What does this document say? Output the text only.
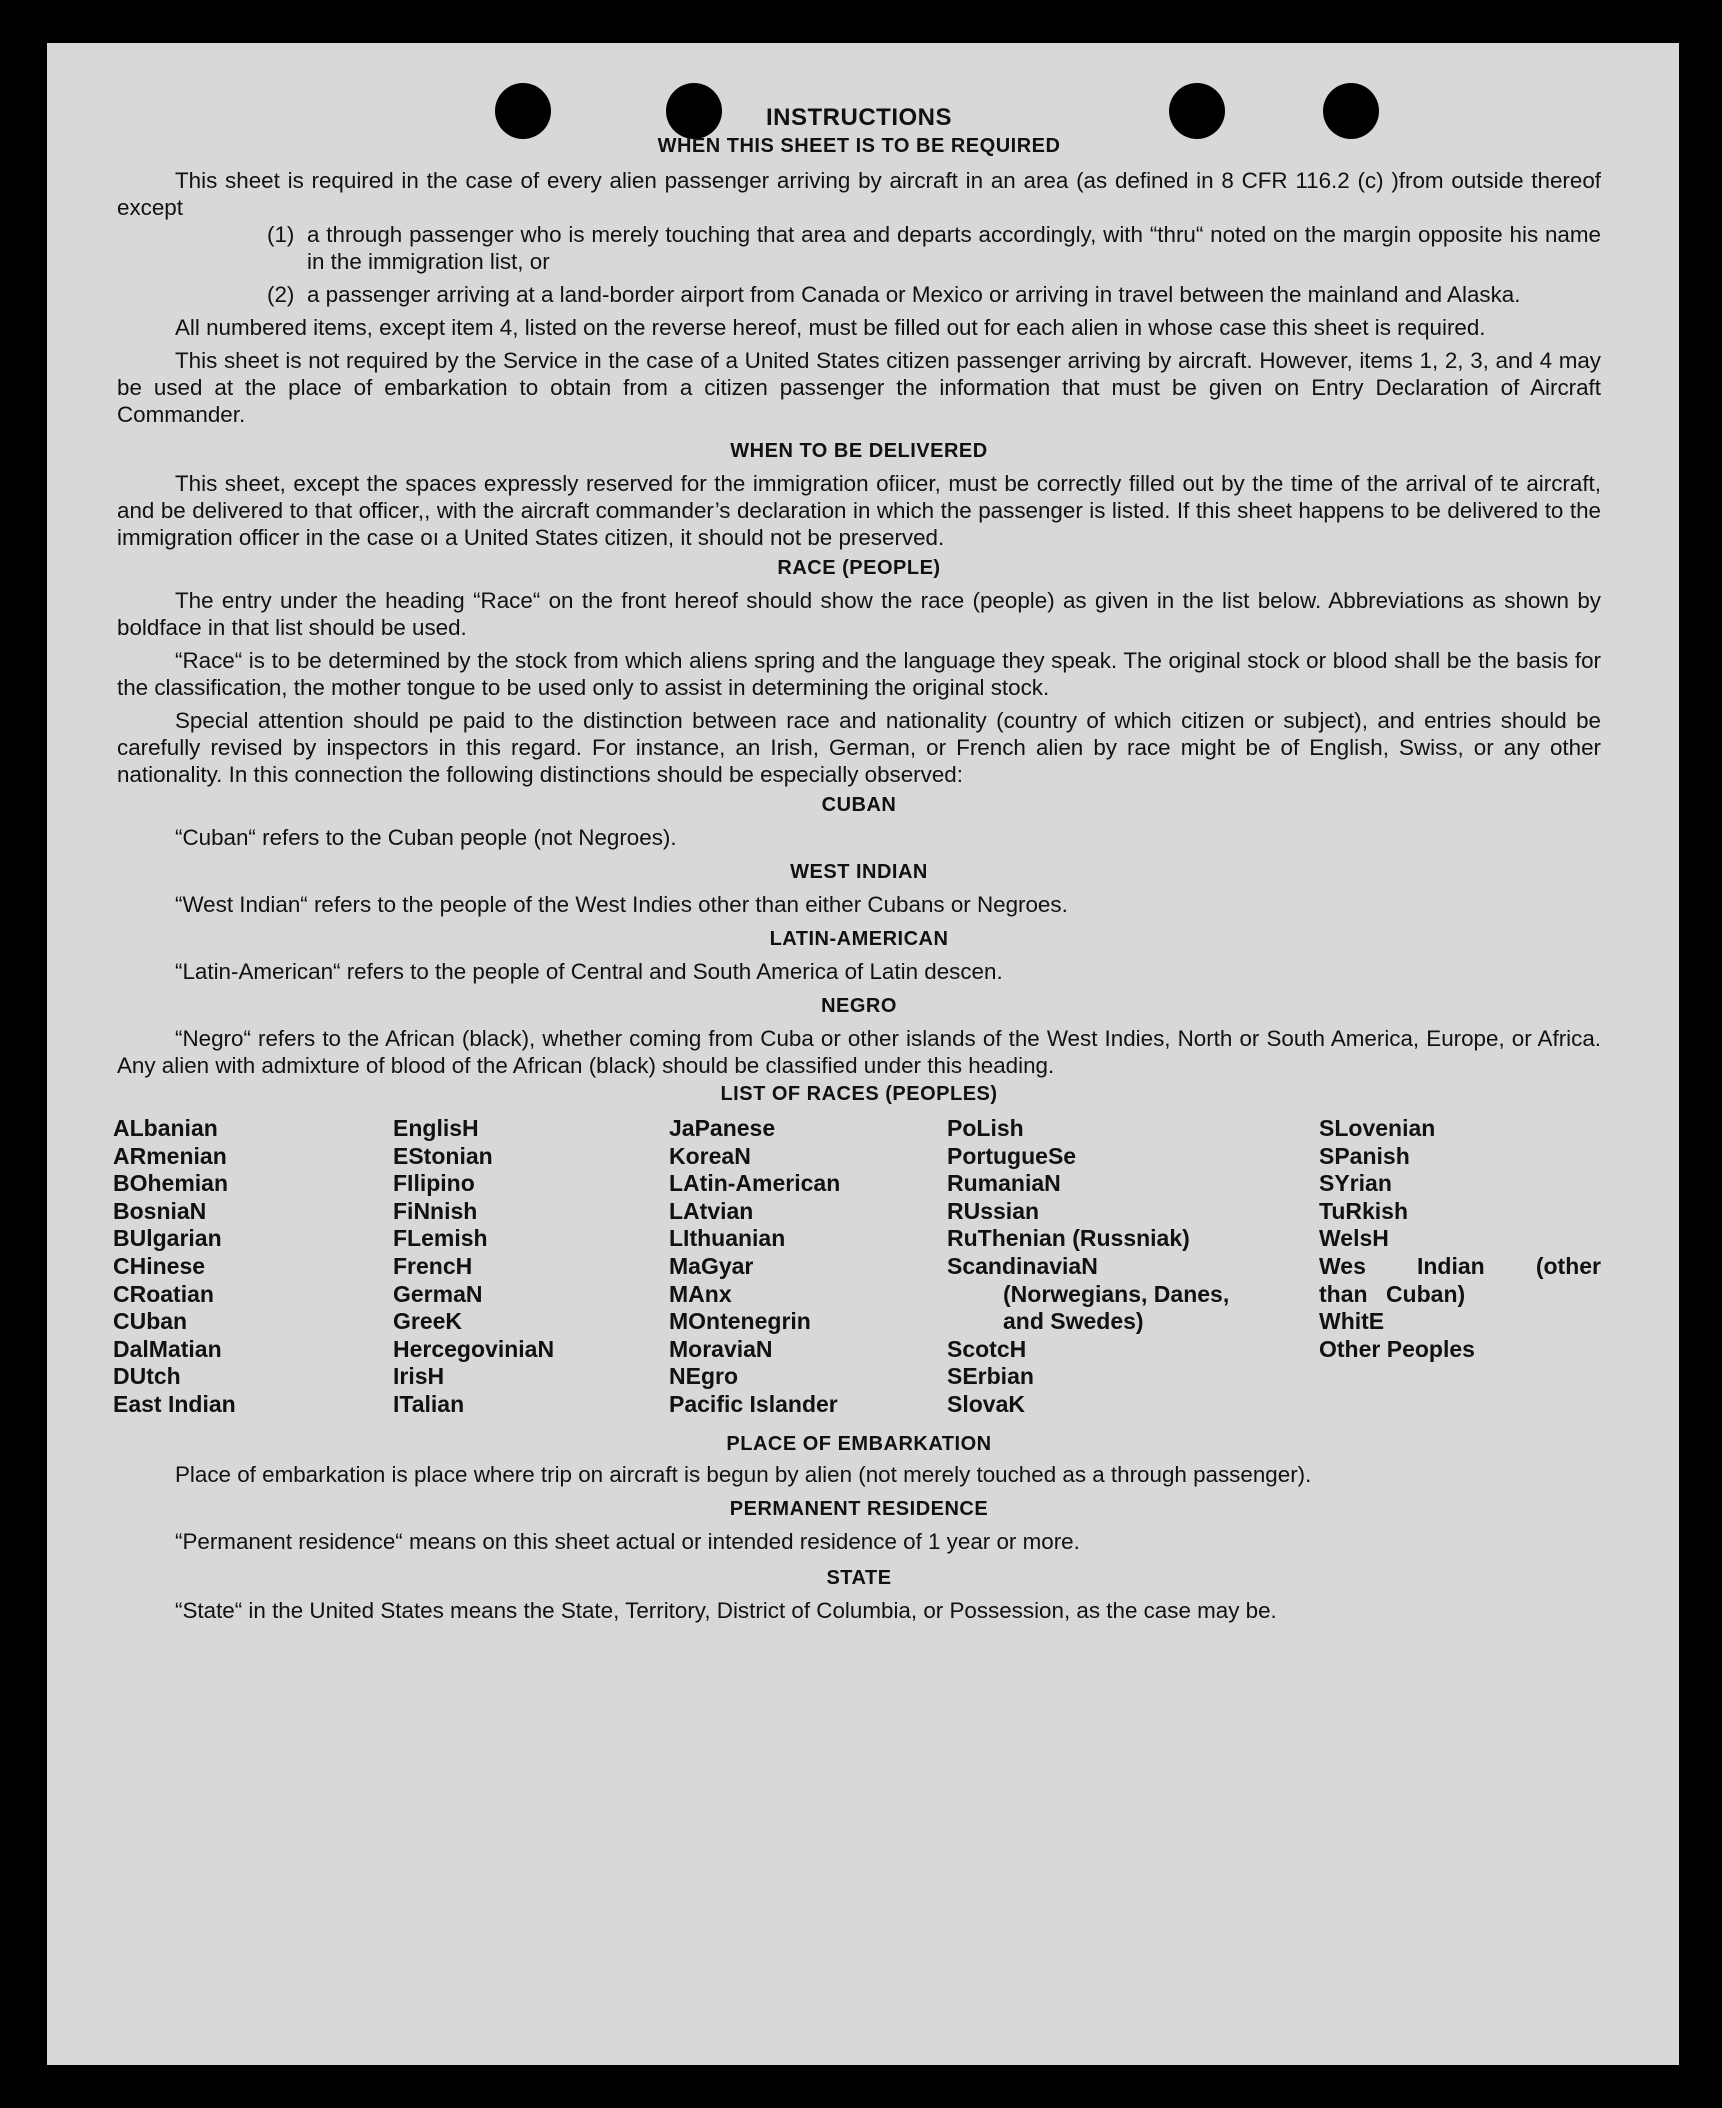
INSTRUCTIONS
WHEN THIS SHEET IS TO BE REQUIRED

This sheet is required in the case of every alien passenger arriving by aircraft in an area (as defined in 8 CFR 116.2 (c) )from outside thereof except

(1) a through passenger who is merely touching that area and departs accordingly, with “thru“ noted on the margin opposite his name in the immigration list, or
(2) a passenger arriving at a land-border airport from Canada or Mexico or arriving in travel between the mainland and Alaska.

All numbered items, except item 4, listed on the reverse hereof, must be filled out for each alien in whose case this sheet is required.

This sheet is not required by the Service in the case of a United States citizen passenger arriving by aircraft. However, items 1, 2, 3, and 4 may be used at the place of embarkation to obtain from a citizen passenger the information that must be given on Entry Declaration of Aircraft Commander.

WHEN TO BE DELIVERED

This sheet, except the spaces expressly reserved for the immigration ofiicer, must be correctly filled out by the time of the arrival of te aircraft, and be delivered to that officer,, with the aircraft commander’s declaration in which the passenger is listed. If this sheet happens to be delivered to the immigration officer in the case oı a United States citizen, it should not be preserved.

RACE (PEOPLE)

The entry under the heading “Race“ on the front hereof should show the race (people) as given in the list below. Abbreviations as shown by boldface in that list should be used.

“Race“ is to be determined by the stock from which aliens spring and the language they speak. The original stock or blood shall be the basis for the classification, the mother tongue to be used only to assist in determining the original stock.

Special attention should pe paid to the distinction between race and nationality (country of which citizen or subject), and entries should be carefully revised by inspectors in this regard. For instance, an Irish, German, or French alien by race might be of English, Swiss, or any other nationality. In this connection the following distinctions should be especially observed:

CUBAN

“Cuban“ refers to the Cuban people (not Negroes).

WEST INDIAN

“West Indian“ refers to the people of the West Indies other than either Cubans or Negroes.

LATIN-AMERICAN

“Latin-American“ refers to the people of Central and South America of Latin descen.

NEGRO

“Negro“ refers to the African (black), whether coming from Cuba or other islands of the West Indies, North or South America, Europe, or Africa. Any alien with admixture of blood of the African (black) should be classified under this heading.

LIST OF RACES (PEOPLES)
ALbanian
ARmenian
BOhemian
BosniaN
BUlgarian
CHinese
CRoatian
CUban
DalMatian
DUtch
East Indian
EnglisH
EStonian
FIlipino
FiNnish
FLemish
FrencH
GermaN
GreeK
HercegovinіaN
IrisH
ITalian
JaPanese
KoreaN
LAtin-American
LAtvian
LIthuanian
MaGyar
MAnx
MOntenegrin
MoraviaN
NEgro
Pacific Islander
PoLish
PortugueSe
RumaniaN
RUssian
RuThenian (Russniak)
ScandinaviaN (Norwegians, Danes, and Swedes)
ScotcH
SErbian
SlovaK
SLovenian
SPanish
SYrian
TuRkish
WelsH
Wes Indian (other than Cuban)
WhitE
Other Peoples
PLACE OF EMBARKATION

Place of embarkation is place where trip on aircraft is begun by alien (not merely touched as a through passenger).

PERMANENT RESIDENCE

“Permanent residence“ means on this sheet actual or intended residence of 1 year or more.

STATE

“State“ in the United States means the State, Territory, District of Columbia, or Possession, as the case may be.
